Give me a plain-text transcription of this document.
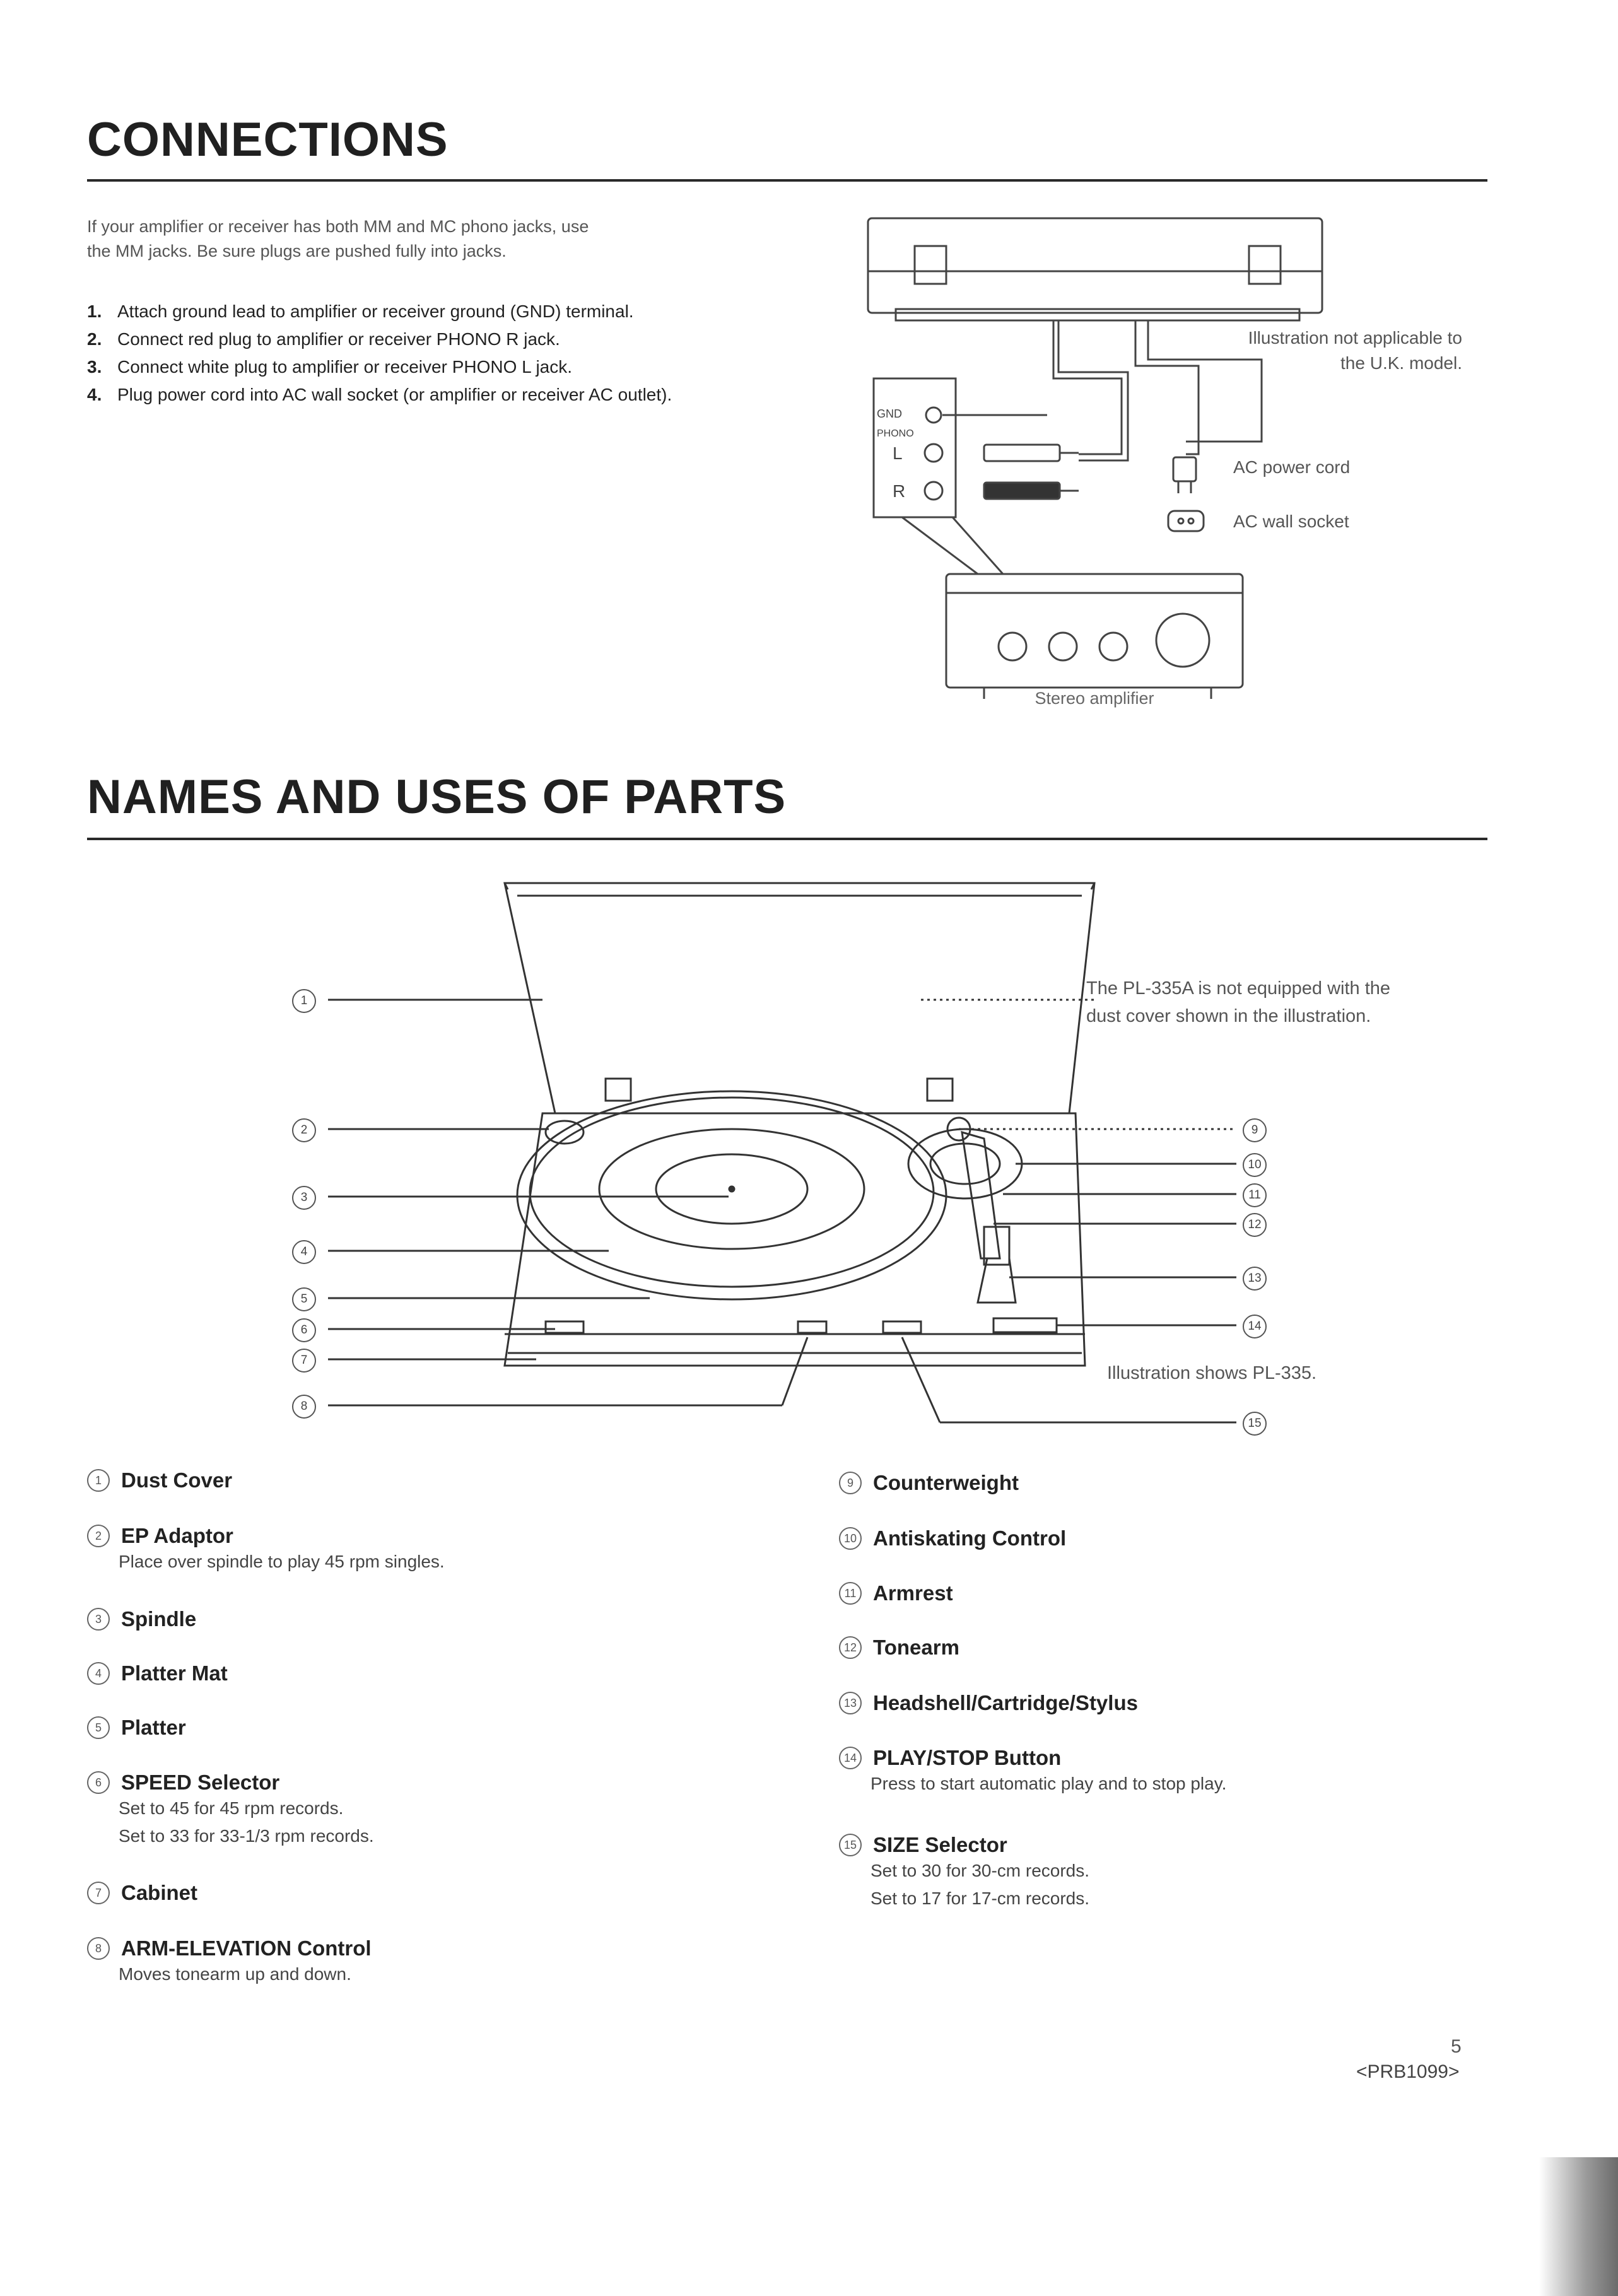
CONNECTIONS
If your amplifier or receiver has both MM and MC phono jacks, use
the MM jacks. Be sure plugs are pushed fully into jacks.
1. Attach ground lead to amplifier or receiver ground (GND) terminal.
2. Connect red plug to amplifier or receiver PHONO R jack.
3. Connect white plug to amplifier or receiver PHONO L jack.
4. Plug power cord into AC wall socket (or amplifier or receiver AC outlet).
GND
PHONO
L
R
Illustration not applicable to
the U.K. model.
AC power cord
AC wall socket
Stereo amplifier
NAMES AND USES OF PARTS
1
2
3
4
5
6
7
8
9
10
11
12
13
14
15
The PL-335A is not equipped with the
dust cover shown in the illustration.
Illustration shows PL-335.
1 Dust Cover
2 EP Adaptor
Place over spindle to play 45 rpm singles.
3 Spindle
4 Platter Mat
5 Platter
6 SPEED Selector
Set to 45 for 45 rpm records.
Set to 33 for 33-1/3 rpm records.
7 Cabinet
8 ARM-ELEVATION Control
Moves tonearm up and down.
9 Counterweight
10 Antiskating Control
11 Armrest
12 Tonearm
13 Headshell/Cartridge/Stylus
14 PLAY/STOP Button
Press to start automatic play and to stop play.
15 SIZE Selector
Set to 30 for 30-cm records.
Set to 17 for 17-cm records.
5
<PRB1099>
